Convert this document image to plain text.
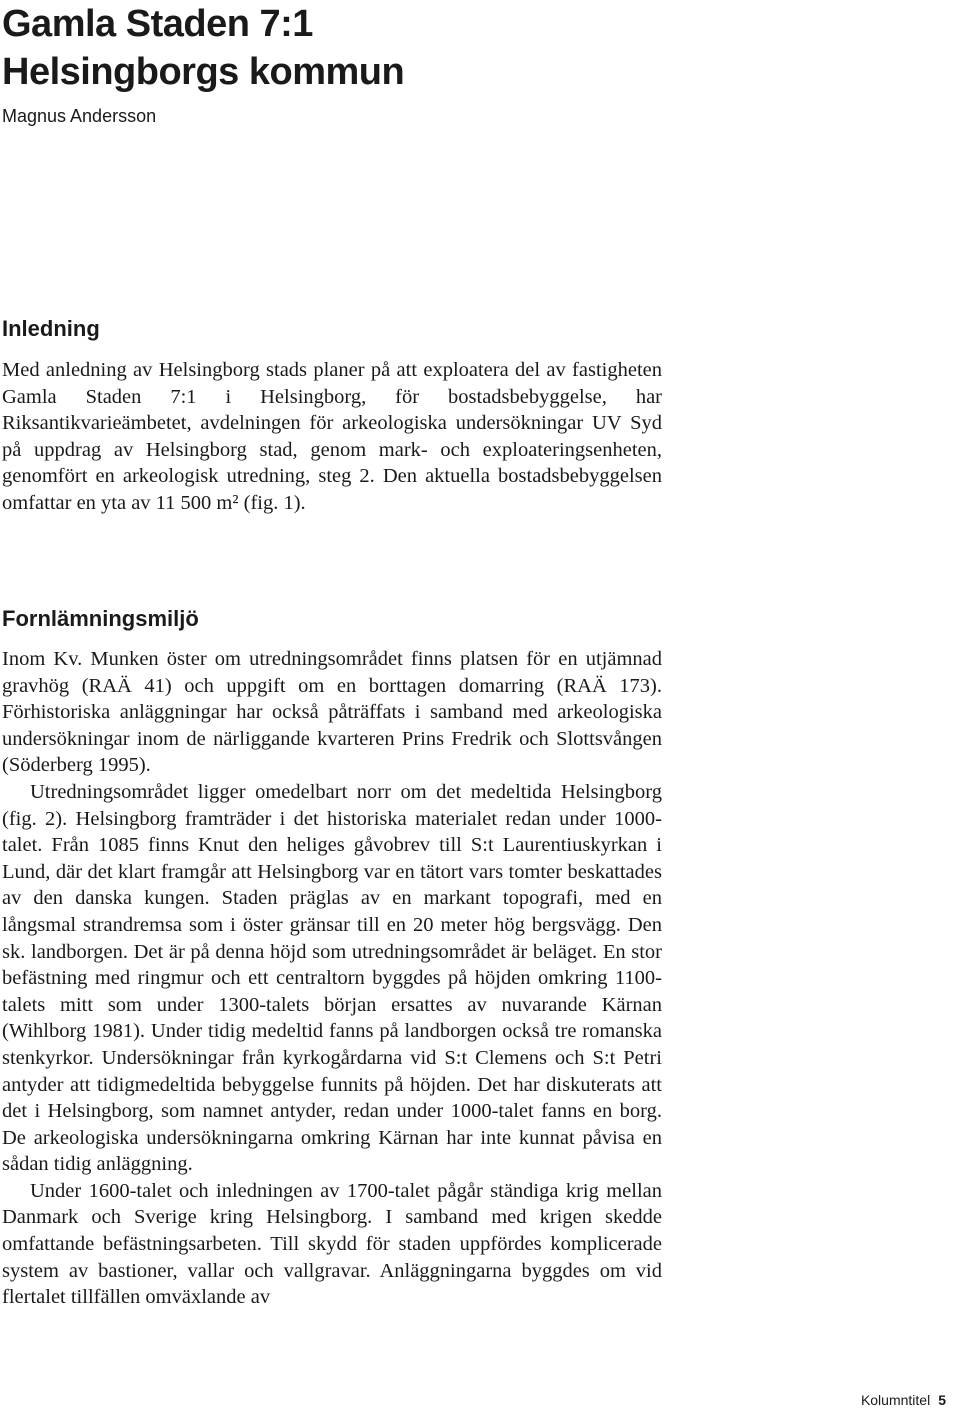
Gamla Staden 7:1
Helsingborgs kommun
Magnus Andersson
Inledning

Med anledning av Helsingborg stads planer på att exploatera del av fastigheten Gamla Staden 7:1 i Helsingborg, för bostadsbebyggelse, har Riksantikvarieämbetet, avdelningen för arkeologiska undersökningar UV Syd på uppdrag av Helsingborg stad, genom mark- och exploateringsenheten, genomfört en arkeologisk utredning, steg 2. Den aktuella bostadsbebyggelsen omfattar en yta av 11 500 m² (fig. 1).

Fornlämningsmiljö

Inom Kv. Munken öster om utredningsområdet finns platsen för en utjämnad gravhög (RAÄ 41) och uppgift om en borttagen domarring (RAÄ 173). Förhistoriska anläggningar har också påträffats i samband med arkeologiska undersökningar inom de närliggande kvarteren Prins Fredrik och Slottsvången (Söderberg 1995).

Utredningsområdet ligger omedelbart norr om det medeltida Helsingborg (fig. 2). Helsingborg framträder i det historiska materialet redan under 1000-talet. Från 1085 finns Knut den heliges gåvobrev till S:t Laurentiuskyrkan i Lund, där det klart framgår att Helsingborg var en tätort vars tomter beskattades av den danska kungen. Staden präglas av en markant topografi, med en långsmal strandremsa som i öster gränsar till en 20 meter hög bergsvägg. Den sk. landborgen. Det är på denna höjd som utredningsområdet är beläget. En stor befästning med ringmur och ett centraltorn byggdes på höjden omkring 1100-talets mitt som under 1300-talets början ersattes av nuvarande Kärnan (Wihlborg 1981). Under tidig medeltid fanns på landborgen också tre romanska stenkyrkor. Undersökningar från kyrkogårdarna vid S:t Clemens och S:t Petri antyder att tidigmedeltida bebyggelse funnits på höjden. Det har diskuterats att det i Helsingborg, som namnet antyder, redan under 1000-talet fanns en borg. De arkeologiska undersökningarna omkring Kärnan har inte kunnat påvisa en sådan tidig anläggning.

Under 1600-talet och inledningen av 1700-talet pågår ständiga krig mellan Danmark och Sverige kring Helsingborg. I samband med krigen skedde omfattande befästningsarbeten. Till skydd för staden uppfördes komplicerade system av bastioner, vallar och vallgravar. Anläggningarna byggdes om vid flertalet tillfällen omväxlande av

Kolumntitel 5
